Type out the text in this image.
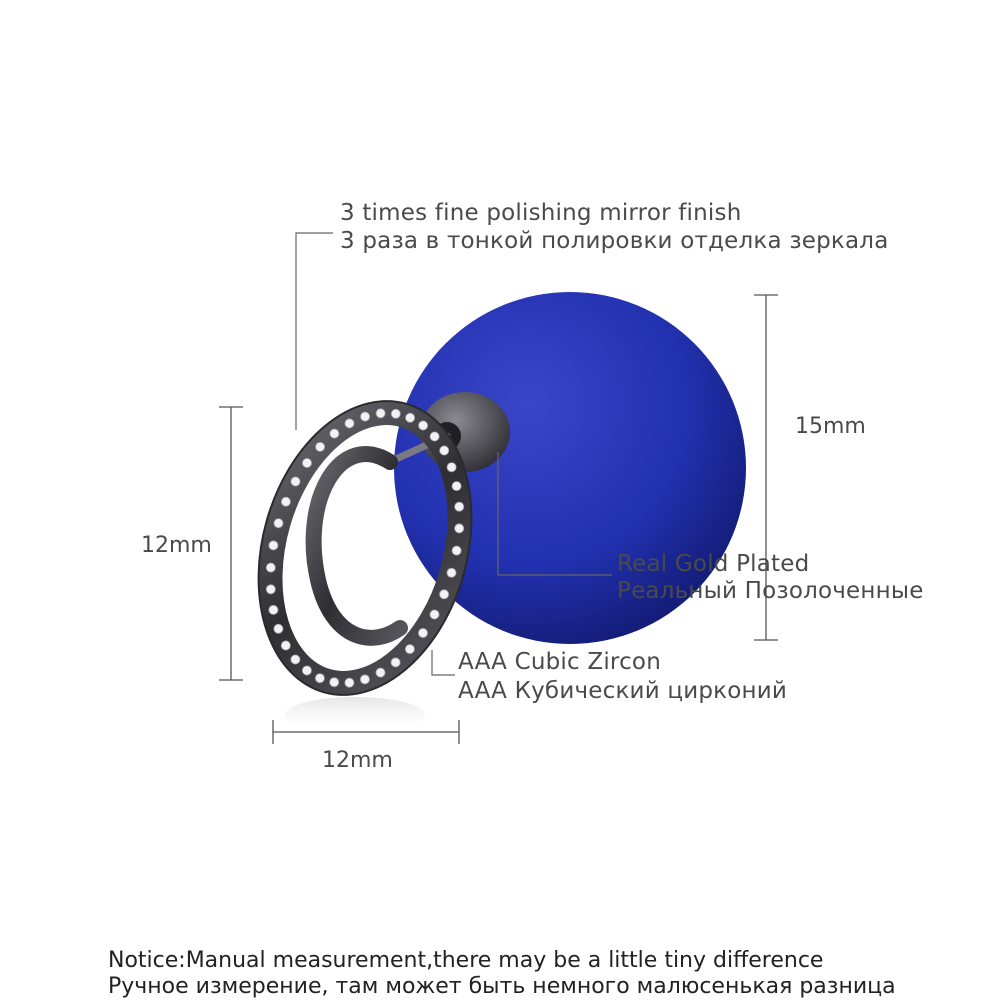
3 times fine polishing mirror finish
3 раза в тонкой полировки отделка зеркала
Real Gold Plated
Реальный Позолоченные
AAA Cubic Zircon
AAA Кубический цирконий
15mm
12mm
12mm
Notice:Manual measurement,there may be a little tiny difference
Ручное измерение, там может быть немного малюсенькая разница
